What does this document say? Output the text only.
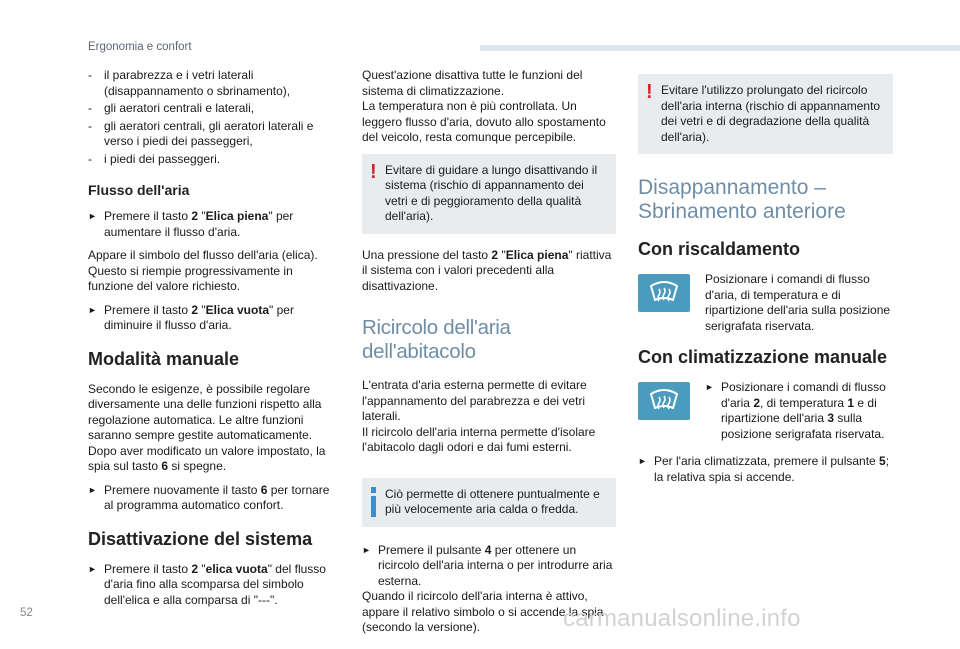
Ergonomia e confort
- il parabrezza e i vetri laterali (disappannamento o sbrinamento),
- gli aeratori centrali e laterali,
- gli aeratori centrali, gli aeratori laterali e verso i piedi dei passeggeri,
- i piedi dei passeggeri.
Flusso dell'aria
► Premere il tasto 2 "Elica piena" per aumentare il flusso d'aria.

Appare il simbolo del flusso dell'aria (elica). Questo si riempie progressivamente in funzione del valore richiesto.

► Premere il tasto 2 "Elica vuota" per diminuire il flusso d'aria.
Modalità manuale

Secondo le esigenze, è possibile regolare diversamente una delle funzioni rispetto alla regolazione automatica. Le altre funzioni saranno sempre gestite automaticamente. Dopo aver modificato un valore impostato, la spia sul tasto 6 si spegne.

► Premere nuovamente il tasto 6 per tornare al programma automatico confort.
Disattivazione del sistema
► Premere il tasto 2 "elica vuota" del flusso d'aria fino alla scomparsa del simbolo dell'elica e alla comparsa di "---".

Quest'azione disattiva tutte le funzioni del sistema di climatizzazione.

La temperatura non è più controllata. Un leggero flusso d'aria, dovuto allo spostamento del veicolo, resta comunque percepibile.

! Evitare di guidare a lungo disattivando il sistema (rischio di appannamento dei vetri e di peggioramento della qualità dell'aria).

Una pressione del tasto 2 "Elica piena" riattiva il sistema con i valori precedenti alla disattivazione.

Ricircolo dell'aria dell'abitacolo

L'entrata d'aria esterna permette di evitare l'appannamento del parabrezza e dei vetri laterali.

Il ricircolo dell'aria interna permette d'isolare l'abitacolo dagli odori e dai fumi esterni.

Ciò permette di ottenere puntualmente e più velocemente aria calda o fredda.
► Premere il pulsante 4 per ottenere un ricircolo dell'aria interna o per introdurre aria esterna.

Quando il ricircolo dell'aria interna è attivo, appare il relativo simbolo o si accende la spia (secondo la versione).

! Evitare l'utilizzo prolungato del ricircolo dell'aria interna (rischio di appannamento dei vetri e di degradazione della qualità dell'aria).
Disappannamento –
Sbrinamento anteriore
Con riscaldamento

Posizionare i comandi di flusso d'aria, di temperatura e di ripartizione dell'aria sulla posizione serigrafata riservata.

Con climatizzazione manuale
► Posizionare i comandi di flusso d'aria 2, di temperatura 1 e di ripartizione dell'aria 3 sulla posizione serigrafata riservata.
► Per l'aria climatizzata, premere il pulsante 5; la relativa spia si accende.
52	carmanualsonline.info
